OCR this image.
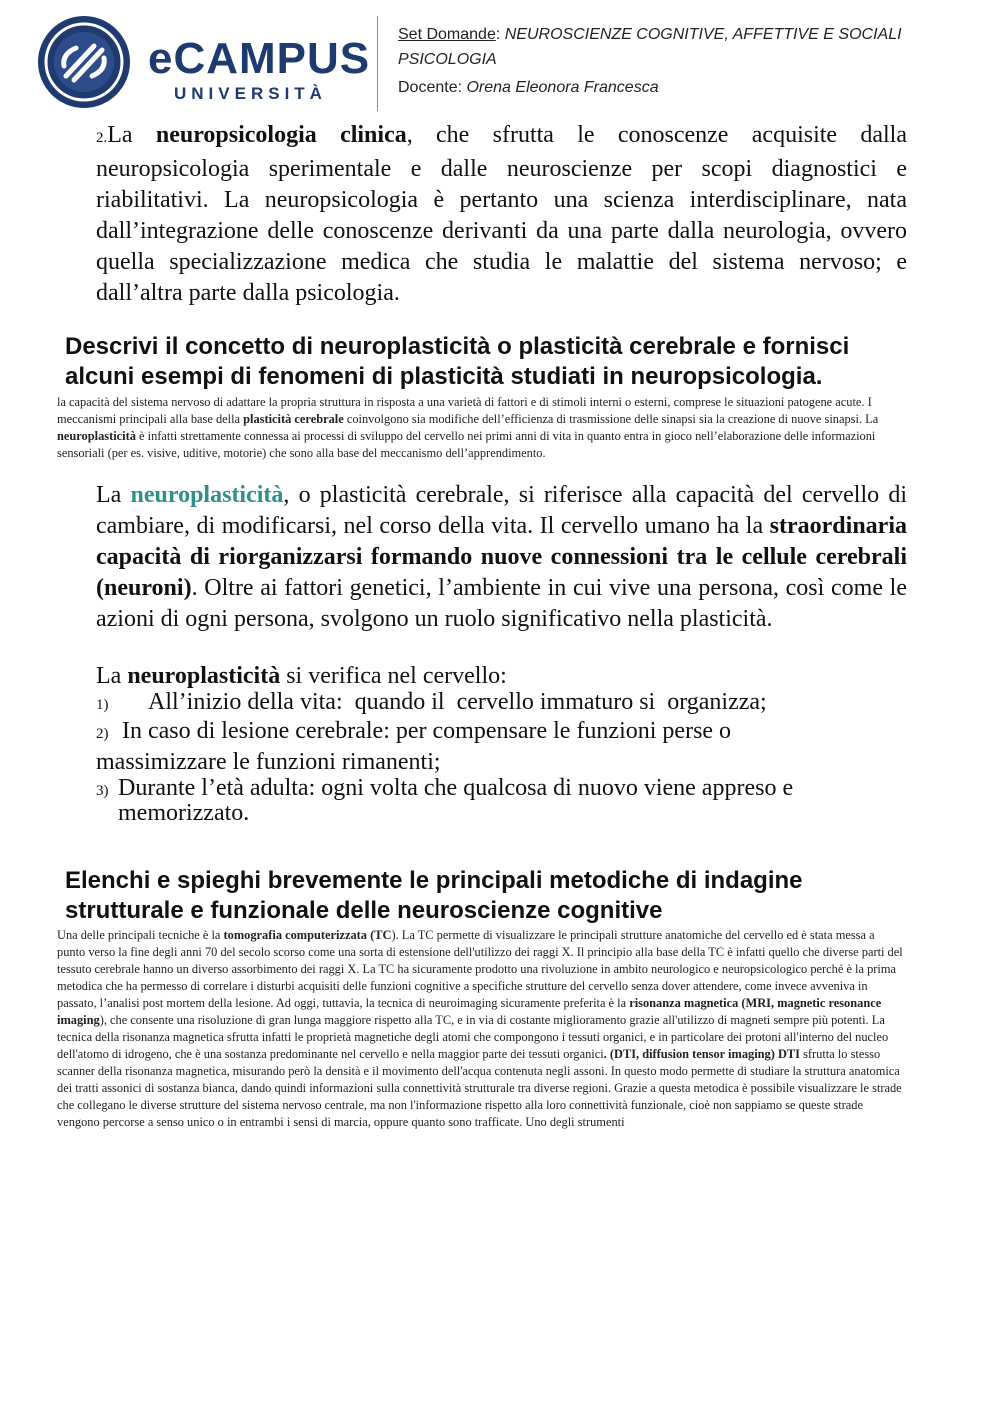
eCAMPUS
UNIVERSITÀ
Set Domande: NEUROSCIENZE COGNITIVE, AFFETTIVE E SOCIALI
PSICOLOGIA
Docente: Orena Eleonora Francesca
2.La neuropsicologia clinica, che sfrutta le conoscenze acquisite dalla neuropsicologia sperimentale e dalle neuroscienze per scopi diagnostici e riabilitativi. La neuropsicologia è pertanto una scienza interdisciplinare, nata dall’integrazione delle conoscenze derivanti da una parte dalla neurologia, ovvero quella specializzazione medica che studia le malattie del sistema nervoso; e dall’altra parte dalla psicologia.
Descrivi il concetto di neuroplasticità o plasticità cerebrale e fornisci
alcuni esempi di fenomeni di plasticità studiati in neuropsicologia.
la capacità del sistema nervoso di adattare la propria struttura in risposta a una varietà di fattori e di stimoli interni o esterni, comprese le situazioni patogene acute. I meccanismi principali alla base della plasticità cerebrale coinvolgono sia modifiche dell’efficienza di trasmissione delle sinapsi sia la creazione di nuove sinapsi. La neuroplasticità è infatti strettamente connessa ai processi di sviluppo del cervello nei primi anni di vita in quanto entra in gioco nell’elaborazione delle informazioni sensoriali (per es. visive, uditive, motorie) che sono alla base del meccanismo dell’apprendimento.
La neuroplasticità, o plasticità cerebrale, si riferisce alla capacità del cervello di cambiare, di modificarsi, nel corso della vita. Il cervello umano ha la straordinaria capacità di riorganizzarsi formando nuove connessioni tra le cellule cerebrali (neuroni). Oltre ai fattori genetici, l’ambiente in cui vive una persona, così come le azioni di ogni persona, svolgono un ruolo significativo nella plasticità.
La neuroplasticità si verifica nel cervello:
1) All’inizio della vita:  quando il  cervello immaturo si  organizza;
2) In caso di lesione cerebrale: per compensare le funzioni perse o
massimizzare le funzioni rimanenti;
3) Durante l’età adulta: ogni volta che qualcosa di nuovo viene appreso e
memorizzato.
Elenchi e spieghi brevemente le principali metodiche di indagine
strutturale e funzionale delle neuroscienze cognitive
Una delle principali tecniche è la tomografia computerizzata (TC). La TC permette di visualizzare le principali strutture anatomiche del cervello ed è stata messa a punto verso la fine degli anni 70 del secolo scorso come una sorta di estensione dell'utilizzo dei raggi X. Il principio alla base della TC è infatti quello che diverse parti del tessuto cerebrale hanno un diverso assorbimento dei raggi X. La TC ha sicuramente prodotto una rivoluzione in ambito neurologico e neuropsicologico perché è la prima metodica che ha permesso di correlare i disturbi acquisiti delle funzioni cognitive a specifiche strutture del cervello senza dover attendere, come invece avveniva in passato, l’analisi post mortem della lesione. Ad oggi, tuttavia, la tecnica di neuroimaging sicuramente preferita è la risonanza magnetica (MRI, magnetic resonance imaging), che consente una risoluzione di gran lunga maggiore rispetto alla TC, e in via di costante miglioramento grazie all'utilizzo di magneti sempre più potenti. La tecnica della risonanza magnetica sfrutta infatti le proprietà magnetiche degli atomi che compongono i tessuti organici, e in particolare dei protoni all'interno del nucleo dell'atomo di idrogeno, che è una sostanza predominante nel cervello e nella maggior parte dei tessuti organici. (DTI, diffusion tensor imaging) DTI sfrutta lo stesso scanner della risonanza magnetica, misurando però la densità e il movimento dell'acqua contenuta negli assoni. In questo modo permette di studiare la struttura anatomica dei tratti assonici di sostanza bianca, dando quindi informazioni sulla connettività strutturale tra diverse regioni. Grazie a questa metodica è possibile visualizzare le strade che collegano le diverse strutture del sistema nervoso centrale, ma non l'informazione rispetto alla loro connettività funzionale, cioè non sappiamo se queste strade vengono percorse a senso unico o in entrambi i sensi di marcia, oppure quanto sono trafficate. Uno degli strumenti
